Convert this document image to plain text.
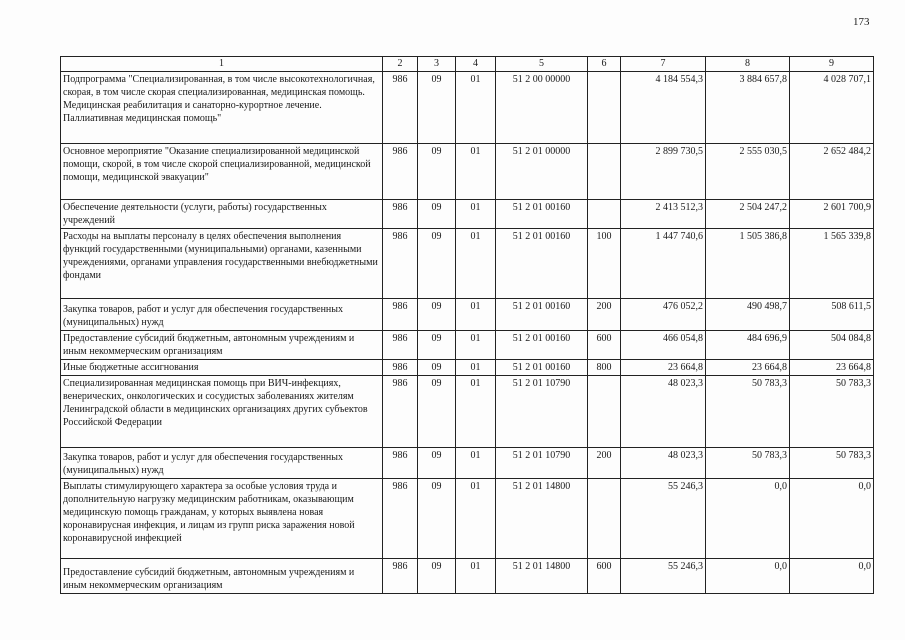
173
1	2	3	4	5	6	7	8	9
Подпрограмма "Специализированная, в том числе высокотехнологичная, скорая, в том числе скорая специализированная, медицинская помощь. Медицинская реабилитация и санаторно-курортное лечение. Паллиативная медицинская помощь"	986	09	01	51 2 00 00000		4 184 554,3	3 884 657,8	4 028 707,1
Основное мероприятие "Оказание специализированной медицинской помощи, скорой, в том числе скорой специализированной, медицинской помощи, медицинской эвакуации"	986	09	01	51 2 01 00000		2 899 730,5	2 555 030,5	2 652 484,2
Обеспечение деятельности (услуги, работы) государственных учреждений	986	09	01	51 2 01 00160		2 413 512,3	2 504 247,2	2 601 700,9
Расходы на выплаты персоналу в целях обеспечения выполнения функций государственными (муниципальными) органами, казенными учреждениями, органами управления государственными внебюджетными фондами	986	09	01	51 2 01 00160	100	1 447 740,6	1 505 386,8	1 565 339,8
Закупка товаров, работ и услуг для обеспечения государственных (муниципальных) нужд	986	09	01	51 2 01 00160	200	476 052,2	490 498,7	508 611,5
Предоставление субсидий бюджетным, автономным учреждениям и иным некоммерческим организациям	986	09	01	51 2 01 00160	600	466 054,8	484 696,9	504 084,8
Иные бюджетные ассигнования	986	09	01	51 2 01 00160	800	23 664,8	23 664,8	23 664,8
Специализированная медицинская помощь при ВИЧ-инфекциях, венерических, онкологических и сосудистых заболеваниях жителям Ленинградской области в медицинских организациях других субъектов Российской Федерации	986	09	01	51 2 01 10790		48 023,3	50 783,3	50 783,3
Закупка товаров, работ и услуг для обеспечения государственных (муниципальных) нужд	986	09	01	51 2 01 10790	200	48 023,3	50 783,3	50 783,3
Выплаты стимулирующего характера за особые условия труда и дополнительную нагрузку медицинским работникам, оказывающим медицинскую помощь гражданам, у которых выявлена новая коронавирусная инфекция, и лицам из групп риска заражения новой коронавирусной инфекцией	986	09	01	51 2 01 14800		55 246,3	0,0	0,0
Предоставление субсидий бюджетным, автономным учреждениям и иным некоммерческим организациям	986	09	01	51 2 01 14800	600	55 246,3	0,0	0,0
